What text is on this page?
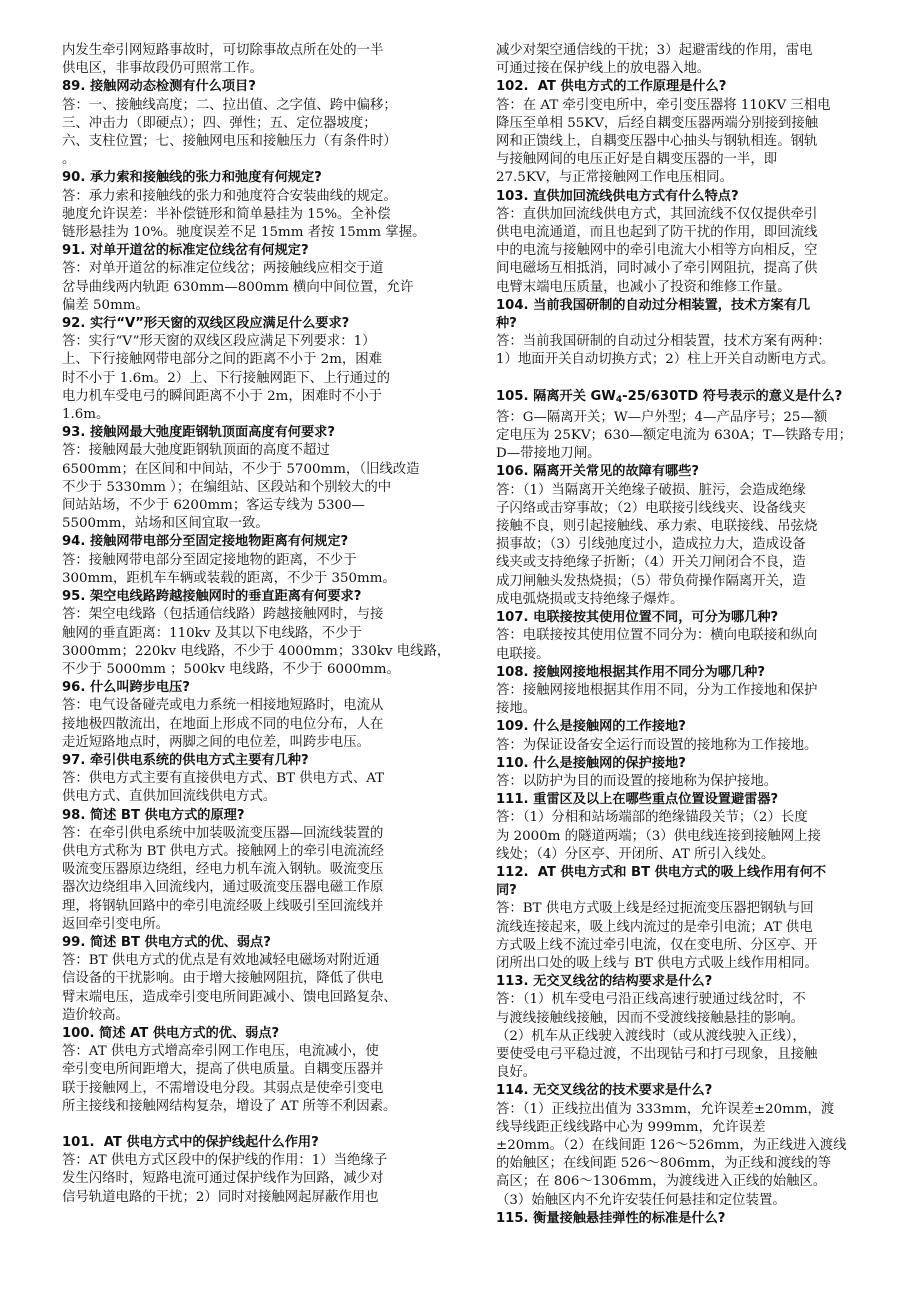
内发生牵引网短路事故时，可切除事故点所在处的一半
供电区，非事故段仍可照常工作。

89. 接触网动态检测有什么项目?

答：一、接触线高度；二、拉出值、之字值、跨中偏移；
三、冲击力（即硬点）；四、弹性；五、定位器坡度；
六、支柱位置；七、接触网电压和接触压力（有条件时）
。

90. 承力索和接触线的张力和弛度有何规定?

答：承力索和接触线的张力和弛度符合安装曲线的规定。
驰度允许误差：半补偿链形和简单悬挂为 15%。全补偿
链形悬挂为 10%。驰度误差不足 15mm 者按 15mm 掌握。

91. 对单开道岔的标准定位线岔有何规定?

答：对单开道岔的标准定位线岔；两接触线应相交于道
岔导曲线两内轨距 630mm—800mm 横向中间位置，允许
偏差 50mm。

92. 实行“V”形天窗的双线区段应满足什么要求?

答：实行“V”形天窗的双线区段应满足下列要求：1）
上、下行接触网带电部分之间的距离不小于 2m，困难
时不小于 1.6m。2）上、下行接触网距下、上行通过的
电力机车受电弓的瞬间距离不小于 2m，困难时不小于
1.6m。

93. 接触网最大弛度距钢轨顶面高度有何要求?

答：接触网最大弛度距钢轨顶面的高度不超过
6500mm；在区间和中间站，不少于 5700mm，（旧线改造
不少于 5330mm ）；在编组站、区段站和个别较大的中
间站站场，不少于 6200mm；客运专线为 5300—
5500mm，站场和区间宜取一致。

94. 接触网带电部分至固定接地物距离有何规定?

答：接触网带电部分至固定接地物的距离，不少于
300mm，距机车车辆或装载的距离，不少于 350mm。

95. 架空电线路跨越接触网时的垂直距离有何要求?

答：架空电线路（包括通信线路）跨越接触网时，与接
触网的垂直距离：110kv 及其以下电线路，不少于
3000mm；220kv 电线路，不少于 4000mm；330kv 电线路，
不少于 5000mm ；500kv 电线路，不少于 6000mm。

96. 什么叫跨步电压?

答：电气设备碰壳或电力系统一相接地短路时，电流从
接地极四散流出，在地面上形成不同的电位分布，人在
走近短路地点时，两脚之间的电位差，叫跨步电压。

97. 牵引供电系统的供电方式主要有几种?

答：供电方式主要有直接供电方式、BT 供电方式、AT
供电方式、直供加回流线供电方式。

98. 简述 BT 供电方式的原理?

答：在牵引供电系统中加装吸流变压器—回流线装置的
供电方式称为 BT 供电方式。接触网上的牵引电流流经
吸流变压器原边绕组，经电力机车流入钢轨。吸流变压
器次边绕组串入回流线内，通过吸流变压器电磁工作原
理，将钢轨回路中的牵引电流经吸上线吸引至回流线并
返回牵引变电所。

99. 简述 BT 供电方式的优、弱点?

答：BT 供电方式的优点是有效地减轻电磁场对附近通
信设备的干扰影响。由于增大接触网阻抗，降低了供电
臂末端电压，造成牵引变电所间距减小、馈电回路复杂、
造价较高。

100. 简述 AT 供电方式的优、弱点?

答：AT 供电方式增高牵引网工作电压，电流减小，使
牵引变电所间距增大，提高了供电质量。自耦变压器并
联于接触网上，不需增设电分段。其弱点是使牵引变电
所主接线和接触网结构复杂，增设了 AT 所等不利因素。

101.  AT 供电方式中的保护线起什么作用?

答：AT 供电方式区段中的保护线的作用：1）当绝缘子
发生闪络时，短路电流可通过保护线作为回路，减少对
信号轨道电路的干扰；2）同时对接触网起屏蔽作用也

减少对架空通信线的干扰；3）起避雷线的作用，雷电
可通过接在保护线上的放电器入地。

102.  AT 供电方式的工作原理是什么?

答：在 AT 牵引变电所中，牵引变压器将 110KV 三相电
降压至单相 55KV，后经自耦变压器两端分别接到接触
网和正馈线上，自耦变压器中心抽头与钢轨相连。钢轨
与接触网间的电压正好是自耦变压器的一半，即
27.5KV，与正常接触网工作电压相同。

103. 直供加回流线供电方式有什么特点?

答：直供加回流线供电方式，其回流线不仅仅提供牵引
供电电流通道，而且也起到了防干扰的作用，即回流线
中的电流与接触网中的牵引电流大小相等方向相反，空
间电磁场互相抵消，同时减小了牵引网阻抗，提高了供
电臂末端电压质量，也减小了投资和维修工作量。

104. 当前我国研制的自动过分相装置，技术方案有几
种?

答：当前我国研制的自动过分相装置，技术方案有两种：
1）地面开关自动切换方式；2）柱上开关自动断电方式。

105. 隔离开关 $GW_4-25/630TD$ 符号表示的意义是什么?

答：G—隔离开关；W—户外型；4—产品序号；25—额
定电压为 25KV；630—额定电流为 630A；T—铁路专用；
D—带接地刀闸。

106. 隔离开关常见的故障有哪些?

答：（1）当隔离开关绝缘子破损、脏污，会造成绝缘
子闪络或击穿事故；（2）电联接引线线夹、设备线夹
接触不良，则引起接触线、承力索、电联接线、吊弦烧
损事故；（3）引线弛度过小，造成拉力大，造成设备
线夹或支持绝缘子折断；（4）开关刀闸闭合不良，造
成刀闸触头发热烧损；（5）带负荷操作隔离开关，造
成电弧烧损或支持绝缘子爆炸。

107. 电联接按其使用位置不同，可分为哪几种?

答：电联接按其使用位置不同分为：横向电联接和纵向
电联接。

108. 接触网接地根据其作用不同分为哪几种?

答：接触网接地根据其作用不同，分为工作接地和保护
接地。

109. 什么是接触网的工作接地?

答：为保证设备安全运行而设置的接地称为工作接地。

110. 什么是接触网的保护接地?

答：以防护为目的而设置的接地称为保护接地。

111. 重雷区及以上在哪些重点位置设置避雷器?

答：（1）分相和站场端部的绝缘锚段关节；（2）长度
为 2000m 的隧道两端；（3）供电线连接到接触网上接
线处；（4）分区亭、开闭所、AT 所引入线处。

112.  AT 供电方式和 BT 供电方式的吸上线作用有何不
同?

答：BT 供电方式吸上线是经过扼流变压器把钢轨与回
流线连接起来，吸上线内流过的是牵引电流；AT 供电
方式吸上线不流过牵引电流，仅在变电所、分区亭、开
闭所出口处的吸上线与 BT 供电方式吸上线作用相同。

113. 无交叉线岔的结构要求是什么?

答：（1）机车受电弓沿正线高速行驶通过线岔时，不
与渡线接触线接触，因而不受渡线接触悬挂的影响。
（2）机车从正线驶入渡线时（或从渡线驶入正线），
要使受电弓平稳过渡，不出现钻弓和打弓现象，且接触
良好。

114. 无交叉线岔的技术要求是什么?

答：（1）正线拉出值为 333mm，允许误差±20mm，渡
线导线距正线线路中心为 999mm，允许误差
±20mm。（2）在线间距 126～526mm，为正线进入渡线
的始触区；在线间距 526～806mm，为正线和渡线的等
高区；在 806～1306mm，为渡线进入正线的始触区。
（3）始触区内不允许安装任何悬挂和定位装置。

115. 衡量接触悬挂弹性的标准是什么?
